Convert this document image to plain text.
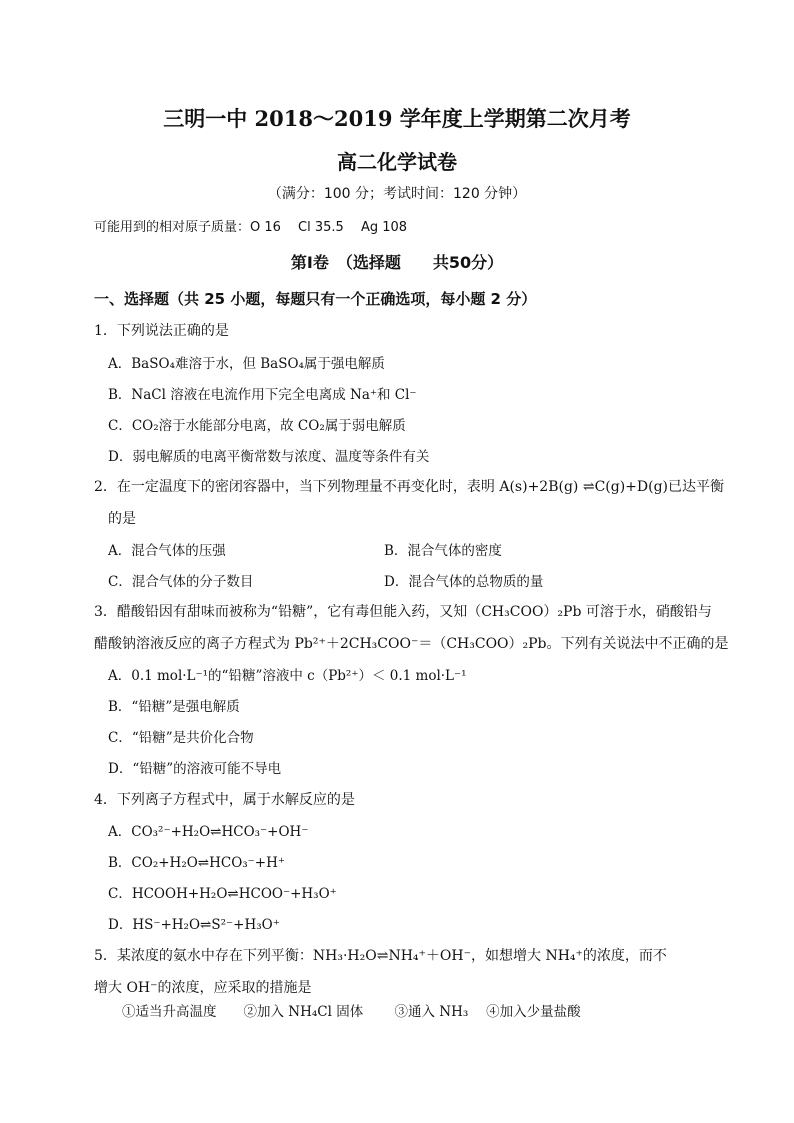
三明一中 2018～2019 学年度上学期第二次月考
高二化学试卷
（满分：100 分；考试时间：120 分钟）
可能用到的相对原子质量：O 16　 Cl 35.5　 Ag 108
第Ⅰ卷　（选择题　　共50分）
一、选择题（共 25 小题，每题只有一个正确选项，每小题 2 分）
1．下列说法正确的是
A．BaSO₄难溶于水，但 BaSO₄属于强电解质
B．NaCl 溶液在电流作用下完全电离成 Na⁺和 Cl⁻
C．CO₂溶于水能部分电离，故 CO₂属于弱电解质
D．弱电解质的电离平衡常数与浓度、温度等条件有关
2．在一定温度下的密闭容器中，当下列物理量不再变化时，表明 A(s)+2B(g) ⇌C(g)+D(g)已达平衡
的是
A．混合气体的压强	B．混合气体的密度
C．混合气体的分子数目	D．混合气体的总物质的量
3．醋酸铅因有甜味而被称为“铅糖”，它有毒但能入药，又知（CH₃COO）₂Pb 可溶于水，硝酸铅与
醋酸钠溶液反应的离子方程式为 Pb²⁺＋2CH₃COO⁻＝（CH₃COO）₂Pb。下列有关说法中不正确的是
A．0.1 mol·L⁻¹的“铅糖”溶液中 c（Pb²⁺）＜ 0.1 mol·L⁻¹
B．“铅糖”是强电解质
C．“铅糖”是共价化合物
D．“铅糖”的溶液可能不导电
4．下列离子方程式中，属于水解反应的是
A．CO₃²⁻+H₂O⇌HCO₃⁻+OH⁻
B．CO₂+H₂O⇌HCO₃⁻+H⁺
C．HCOOH+H₂O⇌HCOO⁻+H₃O⁺
D．HS⁻+H₂O⇌S²⁻+H₃O⁺
5．某浓度的氨水中存在下列平衡：NH₃·H₂O⇌NH₄⁺＋OH⁻，如想增大 NH₄⁺的浓度，而不
增大 OH⁻的浓度，应采取的措施是
①适当升高温度　　②加入 NH₄Cl 固体　　 ③通入 NH₃　 ④加入少量盐酸
